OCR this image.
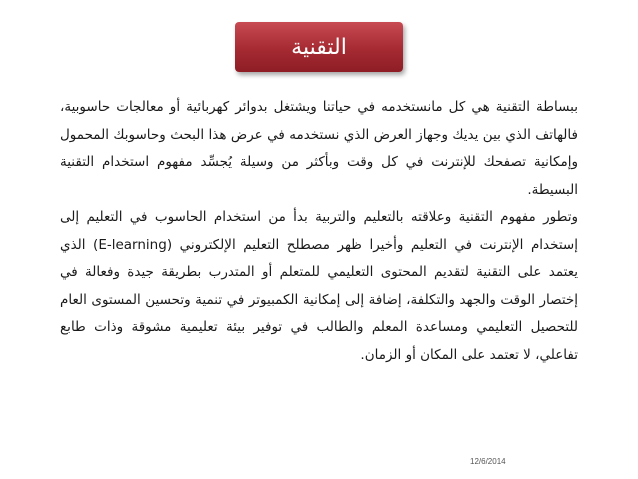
التقنية
ببساطة التقنية هي كل مانستخدمه في حياتنا ويشتغل بدوائر كهربائية أو معالجات حاسوبية، فالهاتف الذي بين يديك وجهاز العرض الذي نستخدمه في عرض هذا البحث وحاسوبك المحمول وإمكانية تصفحك للإنترنت في كل وقت وبأكثر من وسيلة يُجسِّد مفهوم استخدام التقنية البسيطة.
وتطور مفهوم التقنية وعلاقته بالتعليم والتربية بدأ من استخدام الحاسوب في التعليم إلى إستخدام الإنترنت في التعليم وأخيرا ظهر مصطلح التعليم الإلكتروني (E-learning) الذي يعتمد على التقنية لتقديم المحتوى التعليمي للمتعلم أو المتدرب بطريقة جيدة وفعالة في إختصار الوقت والجهد والتكلفة، إضافة إلى إمكانية الكمبيوتر في تنمية وتحسين المستوى العام للتحصيل التعليمي ومساعدة المعلم والطالب في توفير بيئة تعليمية مشوقة وذات طابع تفاعلي، لا تعتمد على المكان أو الزمان.
12/6/2014
